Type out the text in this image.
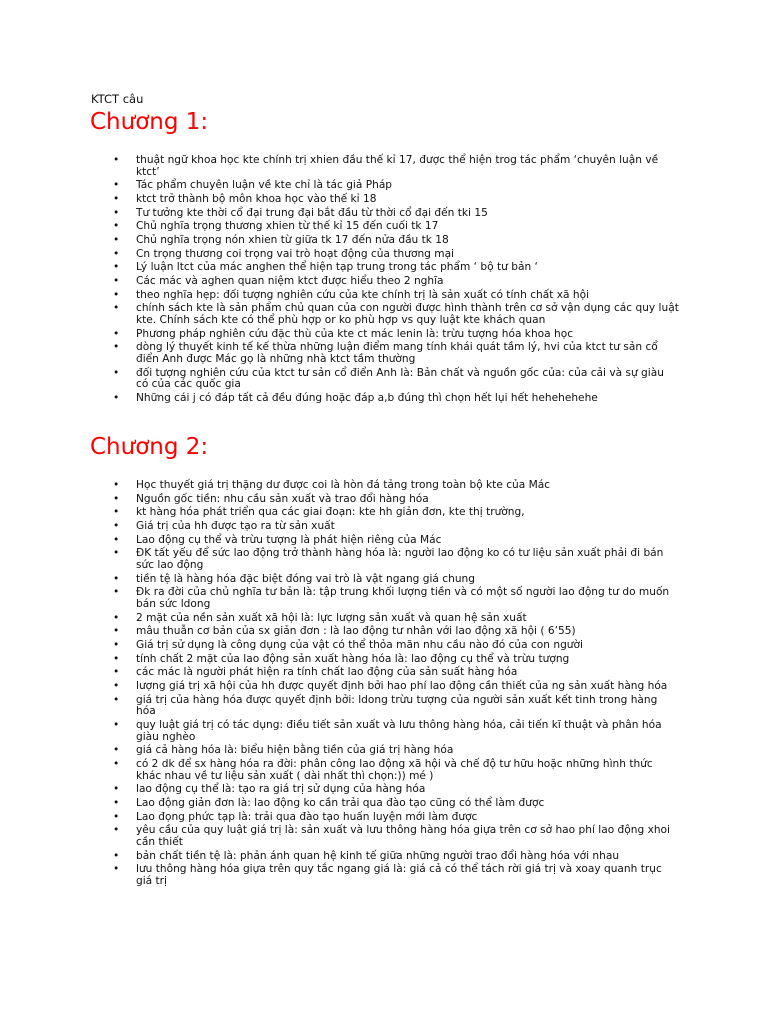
KTCT câu
Chương 1:
• thuật ngữ khoa học kte chính trị xhien đầu thế kỉ 17, được thể hiện trog tác phẩm ‘chuyên luận về ktct’
• Tác phẩm chuyên luận về kte chỉ là tác giả Pháp
• ktct trở thành bộ môn khoa học vào thế kỉ 18
• Tư tưởng kte thời cổ đại trung đại bắt đầu từ thời cổ đại đến tki 15
• Chủ nghĩa trọng thương xhien từ thế kỉ 15 đến cuối tk 17
• Chủ nghĩa trọng nón xhien từ giữa tk 17 đến nửa đầu tk 18
• Cn trọng thương coi trọng vai trò hoạt động của thương mại
• Lý luận ltct của mác anghen thể hiện tạp trung trong tác phẩm ‘ bộ tư bản ‘
• Các mác và aghen quan niệm ktct được hiểu theo 2 nghĩa
• theo nghĩa hẹp: đối tượng nghiên cứu của kte chính trị là sản xuất có tính chất xã hội
• chính sách kte là sản phẩm chủ quan của con người được hình thành trên cơ sở vận dụng các quy luật kte. Chính sách kte có thể phù hợp or ko phù hợp vs quy luật kte khách quan
• Phương pháp nghiên cứu đặc thù của kte ct mác lenin là: trừu tượng hóa khoa học
• dòng lý thuyết kinh tế kế thừa những luận điểm mang tính khái quát tầm lý, hvi của ktct tư sản cổ điển Anh được Mác gọ là những nhà ktct tầm thường
• đối tượng nghiên cứu của ktct tư sản cổ điển Anh là: Bản chất và nguồn gốc của: của cải và sự giàu có của các quốc gia
• Những cái j có đáp tất cả đều đúng hoặc đáp a,b đúng thì chọn hết lụi hết hehehehehe
Chương 2:
• Học thuyết giá trị thặng dư được coi là hòn đá tảng trong toàn bộ kte của Mác
• Nguồn gốc tiền: nhu cầu sản xuất và trao đổi hàng hóa
• kt hàng hóa phát triển qua các giai đoạn: kte hh giản đơn, kte thị trường,
• Giá trị của hh được tạo ra từ sản xuất
• Lao động cụ thể và trừu tượng là phát hiện riêng của Mác
• ĐK tất yếu để sức lao động trở thành hàng hóa là: người lao động ko có tư liệu sản xuất phải đi bán sức lao động
• tiền tệ là hàng hóa đặc biệt đóng vai trò là vật ngang giá chung
• Đk ra đời của chủ nghĩa tư bản là: tập trung khối lượng tiền và có một số người lao động tư do muốn bán sức ldong
• 2 mặt của nền sản xuất xã hội là: lực lượng sản xuất và quan hệ sản xuất
• mâu thuẫn cơ bản của sx giản đơn : là lao động tư nhân với lao động xã hội ( 6’55)
• Giá trị sử dụng là công dụng của vật có thể thỏa mãn nhu cầu nào đó của con người
• tính chất 2 mặt của lao động sản xuất hàng hóa là: lao động cụ thể và trừu tượng
• các mác là người phát hiện ra tính chất lao động của sản suất hàng hóa
• lượng giá trị xã hội của hh được quyết định bởi hao phí lao động cần thiết của ng sản xuất hàng hóa
• giá trị của hàng hóa được quyết định bởi: ldong trừu tượng của người sản xuất kết tinh trong hàng hóa
• quy luật giá trị có tác dụng: điều tiết sản xuất và lưu thông hàng hóa, cải tiến kĩ thuật và phân hóa giàu nghèo
• giá cả hàng hóa là: biểu hiện bằng tiền của giá trị hàng hóa
• có 2 dk để sx hàng hóa ra đời: phân công lao động xã hội và chế độ tư hữu hoặc những hình thức khác nhau về tư liệu sản xuất ( dài nhất thì chọn:)) mé )
• lao động cụ thể là: tạo ra giá trị sử dụng của hàng hóa
• Lao động giản đơn là: lao động ko cần trải qua đào tạo cũng có thể làm được
• Lao đọng phức tạp là: trải qua đào tạo huấn luyện mới làm được
• yêu cầu của quy luật giá trị là: sản xuất và lưu thông hàng hóa giựa trên cơ sở hao phí lao động xhoi cần thiết
• bản chất tiền tệ là: phản ánh quan hệ kinh tế giữa những người trao đổi hàng hóa với nhau
• lưu thông hàng hóa giựa trên quy tắc ngang giá là: giá cả có thể tách rời giá trị và xoay quanh trục giá trị
